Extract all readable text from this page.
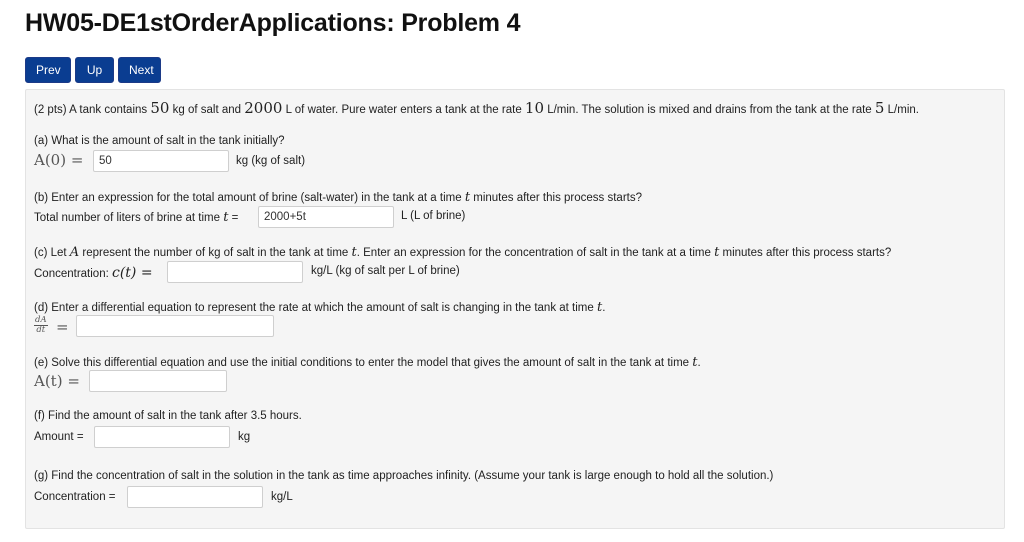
HW05-DE1stOrderApplications: Problem 4
Prev	Up	Next
(2 pts) A tank contains 50 kg of salt and 2000 L of water. Pure water enters a tank at the rate 10 L/min. The solution is mixed and drains from the tank at the rate 5 L/min.
(a) What is the amount of salt in the tank initially?
A(0) =
50	kg (kg of salt)
(b) Enter an expression for the total amount of brine (salt-water) in the tank at a time t minutes after this process starts?
Total number of liters of brine at time t =
2000+5t	L (L of brine)
(c) Let A represent the number of kg of salt in the tank at time t. Enter an expression for the concentration of salt in the tank at a time t minutes after this process starts?
Concentration: c(t) =	kg/L (kg of salt per L of brine)
(d) Enter a differential equation to represent the rate at which the amount of salt is changing in the tank at time t.
$\frac{dA}{dt}$ =
(e) Solve this differential equation and use the initial conditions to enter the model that gives the amount of salt in the tank at time t.
A(t) =
(f) Find the amount of salt in the tank after 3.5 hours.
Amount =	kg
(g) Find the concentration of salt in the solution in the tank as time approaches infinity. (Assume your tank is large enough to hold all the solution.)
Concentration =	kg/L
